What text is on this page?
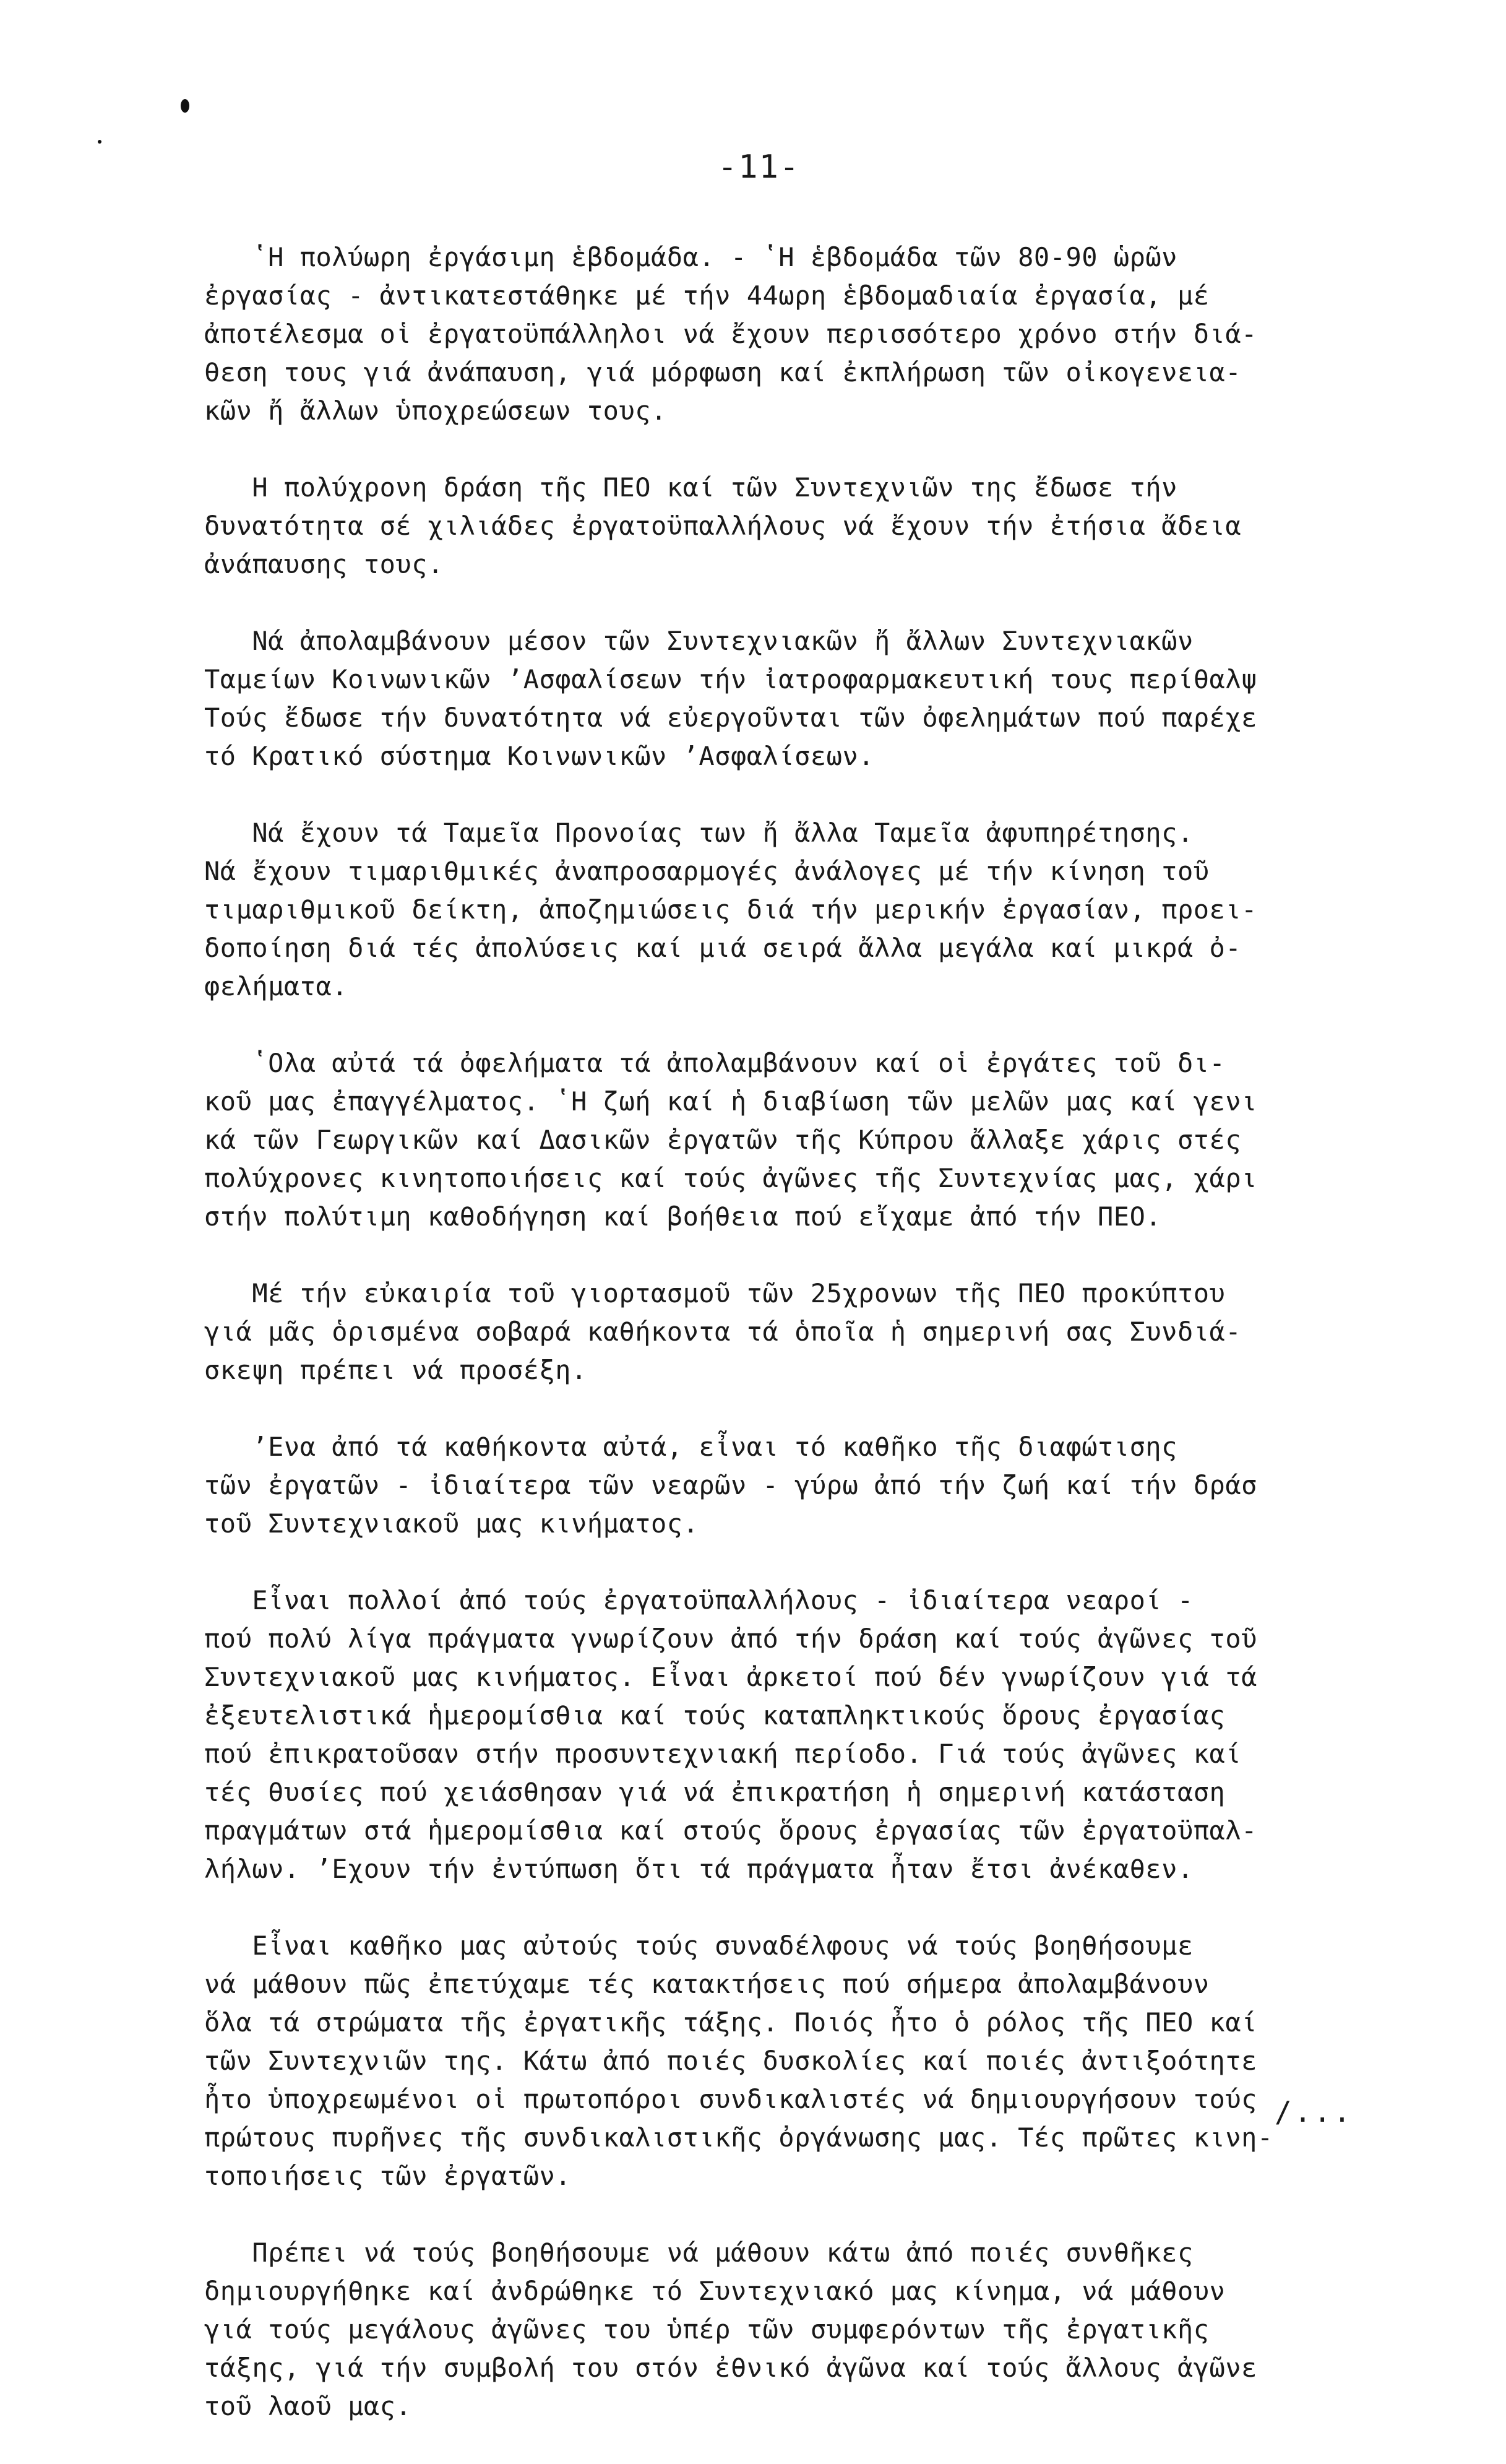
-11-

ʽΗ πολύωρη ἐργάσιμη ἑβδομάδα. - ʽΗ ἑβδομάδα τῶν 80-90 ὡρῶν
ἐργασίας - ἀντικατεστάθηκε μέ τήν 44ωρη ἑβδομαδιαία ἐργασία, μέ
ἀποτέλεσμα οἱ ἐργατοϋπάλληλοι νά ἔχουν περισσότερο χρόνο στήν διά-
θεση τους γιά ἀνάπαυση, γιά μόρφωση καί ἐκπλήρωση τῶν οἰκογενεια-
κῶν ἤ ἄλλων ὑποχρεώσεων τους.

Η πολύχρονη δράση τῆς ΠΕΟ καί τῶν Συντεχνιῶν της ἔδωσε τήν
δυνατότητα σέ χιλιάδες ἐργατοϋπαλλήλους νά ἔχουν τήν ἐτήσια ἄδεια
ἀνάπαυσης τους.

Νά ἀπολαμβάνουν μέσον τῶν Συντεχνιακῶν ἤ ἄλλων Συντεχνιακῶν
Ταμείων Κοινωνικῶν ʼΑσφαλίσεων τήν ἰατροφαρμακευτική τους περίθαλψ
Τούς ἔδωσε τήν δυνατότητα νά εὐεργοῦνται τῶν ὀφελημάτων πού παρέχε
τό Κρατικό σύστημα Κοινωνικῶν ʼΑσφαλίσεων.

Νά ἔχουν τά Ταμεῖα Προνοίας των ἤ ἄλλα Ταμεῖα ἀφυπηρέτησης.
Νά ἔχουν τιμαριθμικές ἀναπροσαρμογές ἀνάλογες μέ τήν κίνηση τοῦ
τιμαριθμικοῦ δείκτη, ἀποζημιώσεις διά τήν μερικήν ἐργασίαν, προει-
δοποίηση διά τές ἀπολύσεις καί μιά σειρά ἄλλα μεγάλα καί μικρά ὀ-
φελήματα.

ʽΟλα αὐτά τά ὀφελήματα τά ἀπολαμβάνουν καί οἱ ἐργάτες τοῦ δι-
κοῦ μας ἐπαγγέλματος. ʽΗ ζωή καί ἡ διαβίωση τῶν μελῶν μας καί γενι
κά τῶν Γεωργικῶν καί Δασικῶν ἐργατῶν τῆς Κύπρου ἄλλαξε χάρις στές
πολύχρονες κινητοποιήσεις καί τούς ἀγῶνες τῆς Συντεχνίας μας, χάρι
στήν πολύτιμη καθοδήγηση καί βοήθεια πού εἴχαμε ἀπό τήν ΠΕΟ.

Μέ τήν εὐκαιρία τοῦ γιορτασμοῦ τῶν 25χρονων τῆς ΠΕΟ προκύπτου
γιά μᾶς ὁρισμένα σοβαρά καθήκοντα τά ὁποῖα ἡ σημερινή σας Συνδιά-
σκεψη πρέπει νά προσέξη.

ʼΕνα ἀπό τά καθήκοντα αὐτά, εἶναι τό καθῆκο τῆς διαφώτισης
τῶν ἐργατῶν - ἰδιαίτερα τῶν νεαρῶν - γύρω ἀπό τήν ζωή καί τήν δράσ
τοῦ Συντεχνιακοῦ μας κινήματος.

Εἶναι πολλοί ἀπό τούς ἐργατοϋπαλλήλους - ἰδιαίτερα νεαροί -
πού πολύ λίγα πράγματα γνωρίζουν ἀπό τήν δράση καί τούς ἀγῶνες τοῦ
Συντεχνιακοῦ μας κινήματος. Εἶναι ἀρκετοί πού δέν γνωρίζουν γιά τά
ἐξευτελιστικά ἡμερομίσθια καί τούς καταπληκτικούς ὅρους ἐργασίας
πού ἐπικρατοῦσαν στήν προσυντεχνιακή περίοδο. Γιά τούς ἀγῶνες καί
τές θυσίες πού χειάσθησαν γιά νά ἐπικρατήση ἡ σημερινή κατάσταση
πραγμάτων στά ἡμερομίσθια καί στούς ὅρους ἐργασίας τῶν ἐργατοϋπαλ-
λήλων. ʼΕχουν τήν ἐντύπωση ὅτι τά πράγματα ἦταν ἔτσι ἀνέκαθεν.

Εἶναι καθῆκο μας αὐτούς τούς συναδέλφους νά τούς βοηθήσουμε
νά μάθουν πῶς ἐπετύχαμε τές κατακτήσεις πού σήμερα ἀπολαμβάνουν
ὅλα τά στρώματα τῆς ἐργατικῆς τάξης. Ποιός ἦτο ὁ ρόλος τῆς ΠΕΟ καί
τῶν Συντεχνιῶν της. Κάτω ἀπό ποιές δυσκολίες καί ποιές ἀντιξοότητε
ἦτο ὑποχρεωμένοι οἱ πρωτοπόροι συνδικαλιστές νά δημιουργήσουν τούς
πρώτους πυρῆνες τῆς συνδικαλιστικῆς ὀργάνωσης μας. Τές πρῶτες κινη-
τοποιήσεις τῶν ἐργατῶν.

Πρέπει νά τούς βοηθήσουμε νά μάθουν κάτω ἀπό ποιές συνθῆκες
δημιουργήθηκε καί ἀνδρώθηκε τό Συντεχνιακό μας κίνημα, νά μάθουν
γιά τούς μεγάλους ἀγῶνες του ὑπέρ τῶν συμφερόντων τῆς ἐργατικῆς
τάξης, γιά τήν συμβολή του στόν ἐθνικό ἀγῶνα καί τούς ἄλλους ἀγῶνε
τοῦ λαοῦ μας.

/...
